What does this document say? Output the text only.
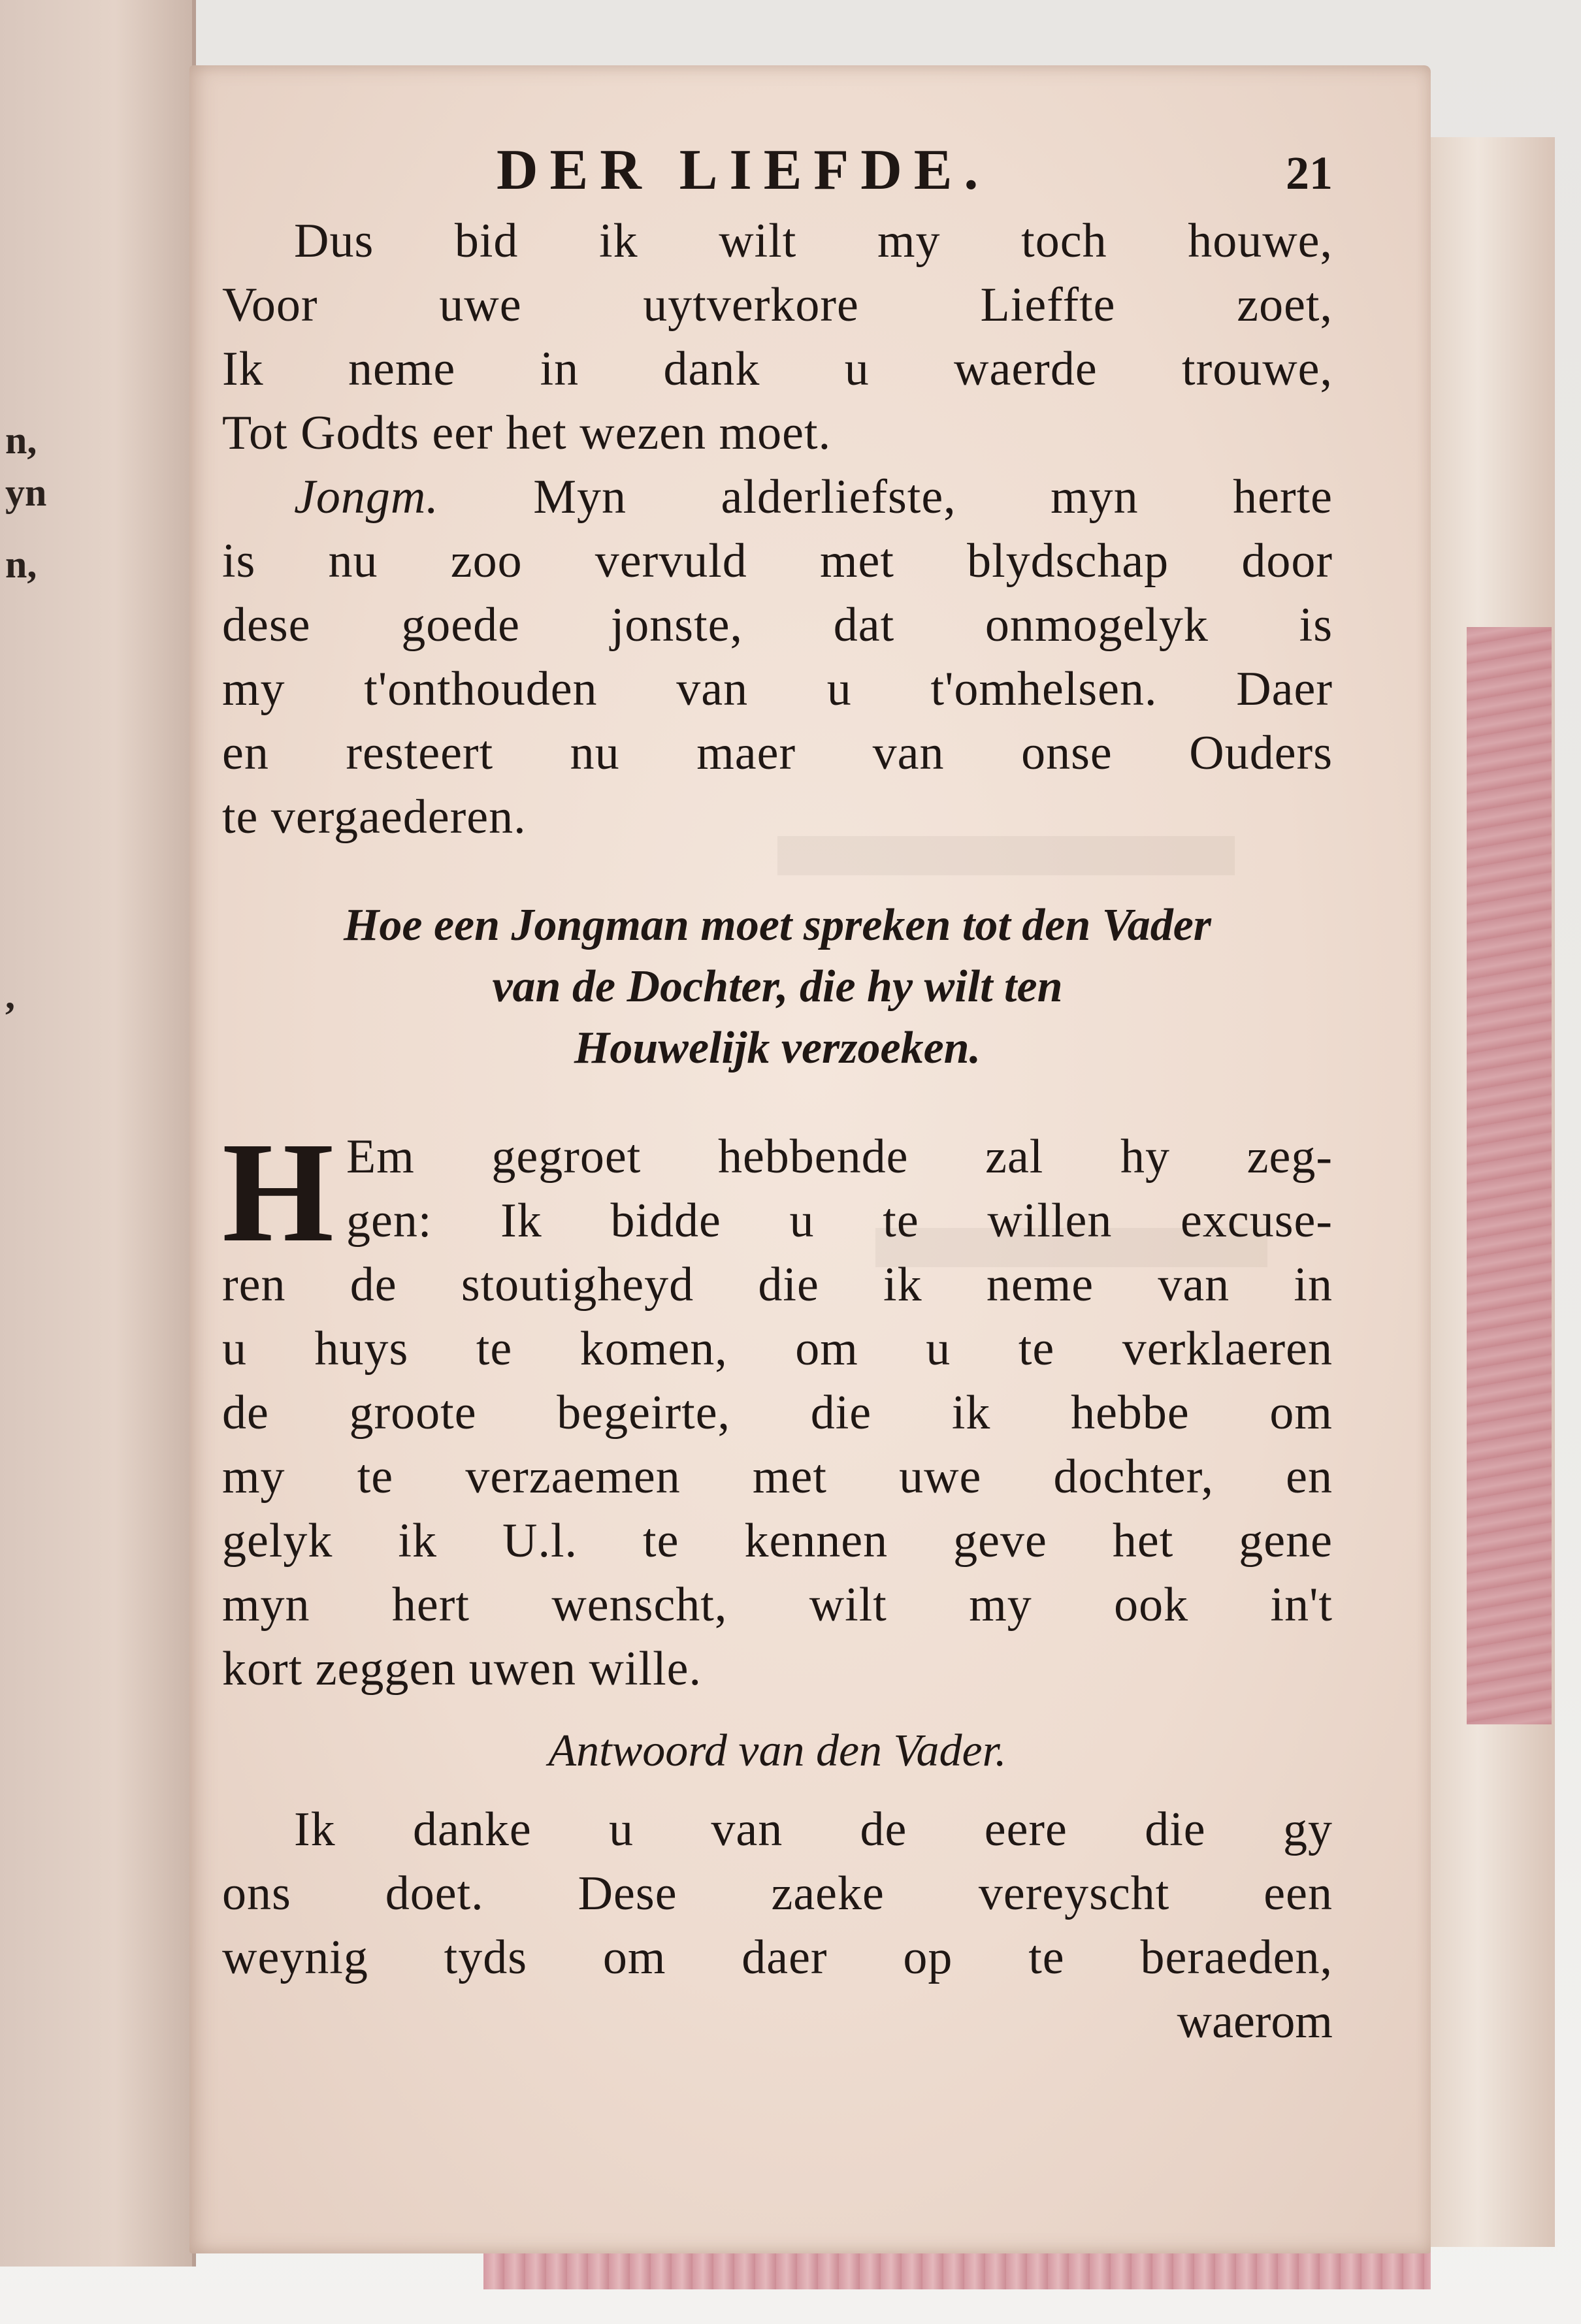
n,
yn
n,
,
DER LIEFDE.	21
Dus bid ik wilt my toch houwe,
Voor uwe uytverkore Lieffte zoet,
Ik neme in dank u waerde trouwe,
Tot Godts eer het wezen moet.
Jongm. Myn alderliefste, myn herte
is nu zoo vervuld met blydschap door
dese goede jonste, dat onmogelyk is
my t'onthouden van u t'omhelsen. Daer
en resteert nu maer van onse Ouders
te vergaederen.
Hoe een Jongman moet spreken tot den Vader
van de Dochter, die hy wilt ten
Houwelijk verzoeken.
H Em gegroet hebbende zal hy zeg-
gen: Ik bidde u te willen excuse-
ren de stoutigheyd die ik neme van in
u huys te komen, om u te verklaeren
de groote begeirte, die ik hebbe om
my te verzaemen met uwe dochter, en
gelyk ik U.l. te kennen geve het gene
myn hert wenscht, wilt my ook in't
kort zeggen uwen wille.
Antwoord van den Vader.
Ik danke u van de eere die gy
ons doet. Dese zaeke vereyscht een
weynig tyds om daer op te beraeden,
waerom
